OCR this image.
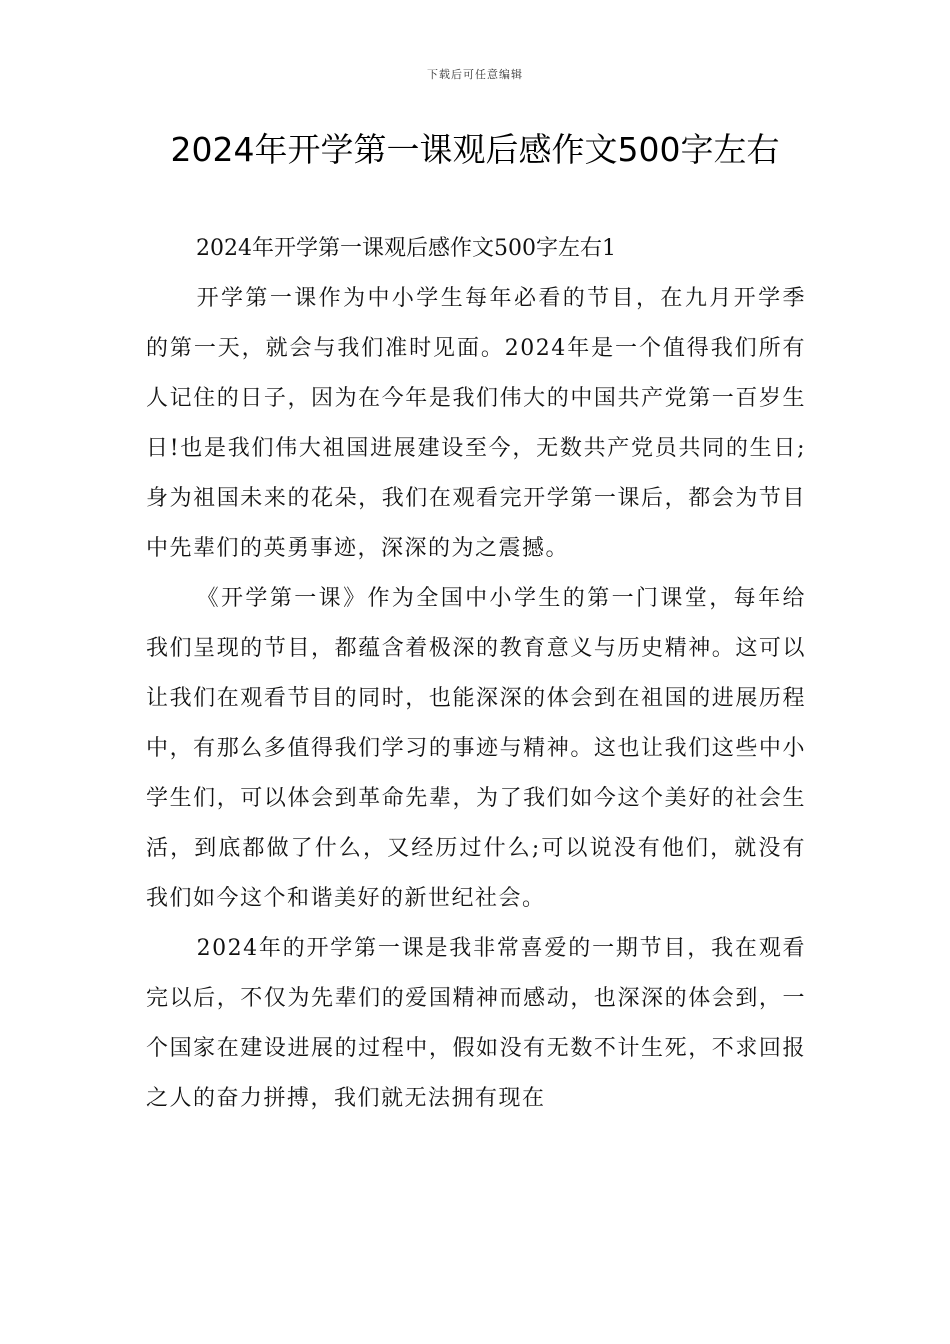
下载后可任意编辑
2024年开学第一课观后感作文500字左右

2024年开学第一课观后感作文500字左右1

开学第一课作为中小学生每年必看的节目，在九月开学季的第一天，就会与我们准时见面。2024年是一个值得我们所有人记住的日子，因为在今年是我们伟大的中国共产党第一百岁生日!也是我们伟大祖国进展建设至今，无数共产党员共同的生日;身为祖国未来的花朵，我们在观看完开学第一课后，都会为节目中先辈们的英勇事迹，深深的为之震撼。

《开学第一课》作为全国中小学生的第一门课堂，每年给我们呈现的节目，都蕴含着极深的教育意义与历史精神。这可以让我们在观看节目的同时，也能深深的体会到在祖国的进展历程中，有那么多值得我们学习的事迹与精神。这也让我们这些中小学生们，可以体会到革命先辈，为了我们如今这个美好的社会生活，到底都做了什么，又经历过什么;可以说没有他们，就没有我们如今这个和谐美好的新世纪社会。

2024年的开学第一课是我非常喜爱的一期节目，我在观看完以后，不仅为先辈们的爱国精神而感动，也深深的体会到，一个国家在建设进展的过程中，假如没有无数不计生死，不求回报之人的奋力拼搏，我们就无法拥有现在
